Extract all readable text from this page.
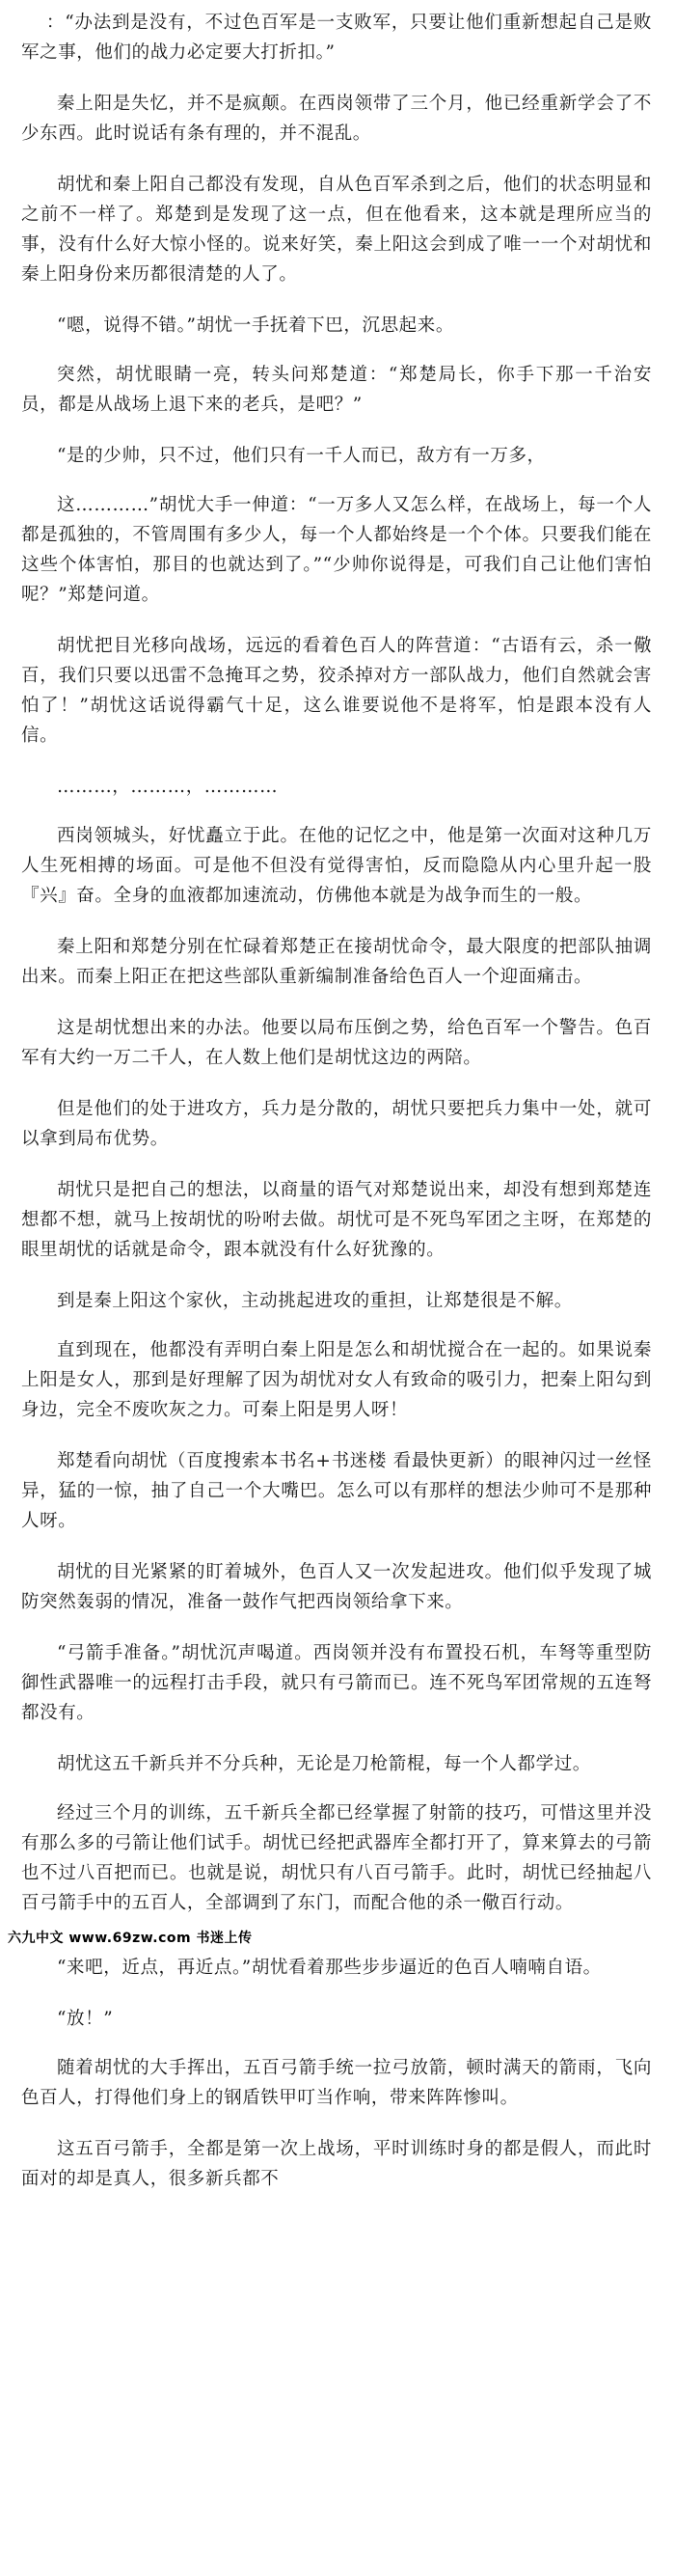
：“办法到是没有，不过色百军是一支败军，只要让他们重新想起自己是败军之事，他们的战力必定要大打折扣。”

秦上阳是失忆，并不是疯颠。在西岗领带了三个月，他已经重新学会了不少东西。此时说话有条有理的，并不混乱。

胡忧和秦上阳自己都没有发现，自从色百军杀到之后，他们的状态明显和之前不一样了。郑楚到是发现了这一点，但在他看来，这本就是理所应当的事，没有什么好大惊小怪的。说来好笑，秦上阳这会到成了唯一一个对胡忧和秦上阳身份来历都很清楚的人了。

“嗯，说得不错。”胡忧一手抚着下巴，沉思起来。

突然，胡忧眼睛一亮，转头问郑楚道：“郑楚局长，你手下那一千治安员，都是从战场上退下来的老兵，是吧？”

“是的少帅，只不过，他们只有一千人而已，敌方有一万多，

这…………”胡忧大手一伸道：“一万多人又怎么样，在战场上，每一个人都是孤独的，不管周围有多少人，每一个人都始终是一个个体。只要我们能在这些个体害怕，那目的也就达到了。”“少帅你说得是，可我们自己让他们害怕呢？”郑楚问道。

胡忧把目光移向战场，远远的看着色百人的阵营道：“古语有云，杀一儆百，我们只要以迅雷不急掩耳之势，狡杀掉对方一部队战力，他们自然就会害怕了！”胡忧这话说得霸气十足，这么谁要说他不是将军，怕是跟本没有人信。

………，………，…………

西岗领城头，好忧矗立于此。在他的记忆之中，他是第一次面对这种几万人生死相搏的场面。可是他不但没有觉得害怕，反而隐隐从内心里升起一股『兴』奋。全身的血液都加速流动，仿佛他本就是为战争而生的一般。

秦上阳和郑楚分别在忙碌着郑楚正在接胡忧命令，最大限度的把部队抽调出来。而秦上阳正在把这些部队重新编制准备给色百人一个迎面痛击。

这是胡忧想出来的办法。他要以局布压倒之势，给色百军一个警告。色百军有大约一万二千人，在人数上他们是胡忧这边的两陪。

但是他们的处于进攻方，兵力是分散的，胡忧只要把兵力集中一处，就可以拿到局布优势。

胡忧只是把自己的想法，以商量的语气对郑楚说出来，却没有想到郑楚连想都不想，就马上按胡忧的吩咐去做。胡忧可是不死鸟军团之主呀，在郑楚的眼里胡忧的话就是命令，跟本就没有什么好犹豫的。

到是秦上阳这个家伙，主动挑起进攻的重担，让郑楚很是不解。

直到现在，他都没有弄明白秦上阳是怎么和胡忧搅合在一起的。如果说秦上阳是女人，那到是好理解了因为胡忧对女人有致命的吸引力，把秦上阳勾到身边，完全不废吹灰之力。可秦上阳是男人呀！

郑楚看向胡忧（百度搜索本书名+书迷楼 看最快更新）的眼神闪过一丝怪异，猛的一惊，抽了自己一个大嘴巴。怎么可以有那样的想法少帅可不是那种人呀。

胡忧的目光紧紧的盯着城外，色百人又一次发起进攻。他们似乎发现了城防突然轰弱的情况，准备一鼓作气把西岗领给拿下来。

“弓箭手准备。”胡忧沉声喝道。西岗领并没有布置投石机，车弩等重型防御性武器唯一的远程打击手段，就只有弓箭而已。连不死鸟军团常规的五连弩都没有。

胡忧这五千新兵并不分兵种，无论是刀枪箭棍，每一个人都学过。

经过三个月的训练，五千新兵全都已经掌握了射箭的技巧，可惜这里并没有那么多的弓箭让他们试手。胡忧已经把武器库全都打开了，算来算去的弓箭也不过八百把而已。也就是说，胡忧只有八百弓箭手。此时，胡忧已经抽起八百弓箭手中的五百人，全部调到了东门，而配合他的杀一儆百行动。

六九中文 www.69zw.com 书迷上传

“来吧，近点，再近点。”胡忧看着那些步步逼近的色百人喃喃自语。

“放！”

随着胡忧的大手挥出，五百弓箭手统一拉弓放箭，顿时满天的箭雨，飞向色百人，打得他们身上的钢盾铁甲叮当作响，带来阵阵惨叫。

这五百弓箭手，全都是第一次上战场，平时训练时身的都是假人，而此时面对的却是真人，很多新兵都不
